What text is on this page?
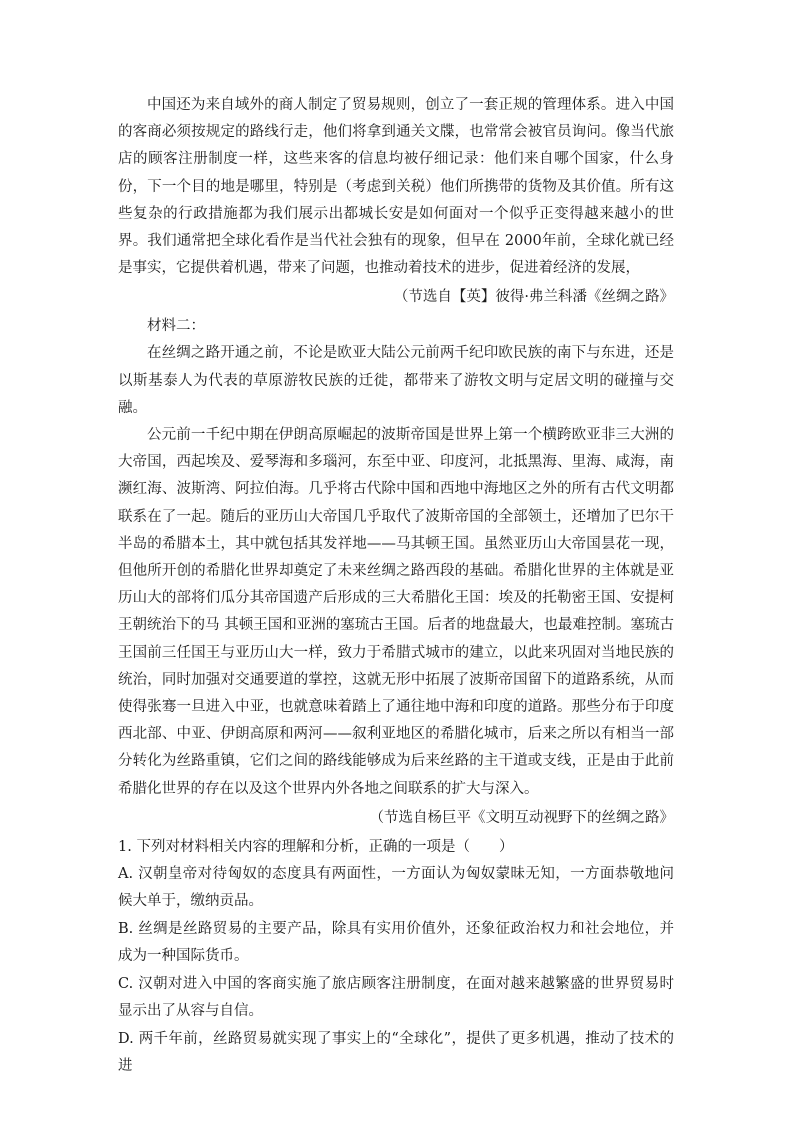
中国还为来自域外的商人制定了贸易规则，创立了一套正规的管理体系。进入中国的客商必须按规定的路线行走，他们将拿到通关文牒，也常常会被官员询问。像当代旅店的顾客注册制度一样，这些来客的信息均被仔细记录：他们来自哪个国家，什么身份，下一个目的地是哪里，特别是（考虑到关税）他们所携带的货物及其价值。所有这些复杂的行政措施都为我们展示出都城长安是如何面对一个似乎正变得越来越小的世界。我们通常把全球化看作是当代社会独有的现象，但早在 2000年前，全球化就已经是事实，它提供着机遇，带来了问题，也推动着技术的进步，促进着经济的发展，

（节选自【英】彼得·弗兰科潘《丝绸之路》

材料二：

在丝绸之路开通之前，不论是欧亚大陆公元前两千纪印欧民族的南下与东进，还是以斯基泰人为代表的草原游牧民族的迁徙，都带来了游牧文明与定居文明的碰撞与交融。

公元前一千纪中期在伊朗高原崛起的波斯帝国是世界上第一个横跨欧亚非三大洲的大帝国，西起埃及、爱琴海和多瑙河，东至中亚、印度河，北抵黑海、里海、咸海，南濒红海、波斯湾、阿拉伯海。几乎将古代除中国和西地中海地区之外的所有古代文明都联系在了一起。随后的亚历山大帝国几乎取代了波斯帝国的全部领土，还增加了巴尔干半岛的希腊本土，其中就包括其发祥地——马其顿王国。虽然亚历山大帝国昙花一现，但他所开创的希腊化世界却奠定了未来丝绸之路西段的基础。希腊化世界的主体就是亚历山大的部将们瓜分其帝国遗产后形成的三大希腊化王国：埃及的托勒密王国、安提柯王朝统治下的马 其顿王国和亚洲的塞琉古王国。后者的地盘最大，也最难控制。塞琉古王国前三任国王与亚历山大一样，致力于希腊式城市的建立，以此来巩固对当地民族的统治，同时加强对交通要道的掌控，这就无形中拓展了波斯帝国留下的道路系统，从而使得张骞一旦进入中亚，也就意味着踏上了通往地中海和印度的道路。那些分布于印度西北部、中亚、伊朗高原和两河——叙利亚地区的希腊化城市，后来之所以有相当一部分转化为丝路重镇，它们之间的路线能够成为后来丝路的主干道或支线，正是由于此前希腊化世界的存在以及这个世界内外各地之间联系的扩大与深入。

（节选自杨巨平《文明互动视野下的丝绸之路》

1. 下列对材料相关内容的理解和分析，正确的一项是（　　）

A. 汉朝皇帝对待匈奴的态度具有两面性，一方面认为匈奴蒙昧无知，一方面恭敬地问候大单于，缴纳贡品。

B. 丝绸是丝路贸易的主要产品，除具有实用价值外，还象征政治权力和社会地位，并成为一种国际货币。

C. 汉朝对进入中国的客商实施了旅店顾客注册制度，在面对越来越繁盛的世界贸易时显示出了从容与自信。

D. 两千年前，丝路贸易就实现了事实上的“全球化”，提供了更多机遇，推动了技术的进
